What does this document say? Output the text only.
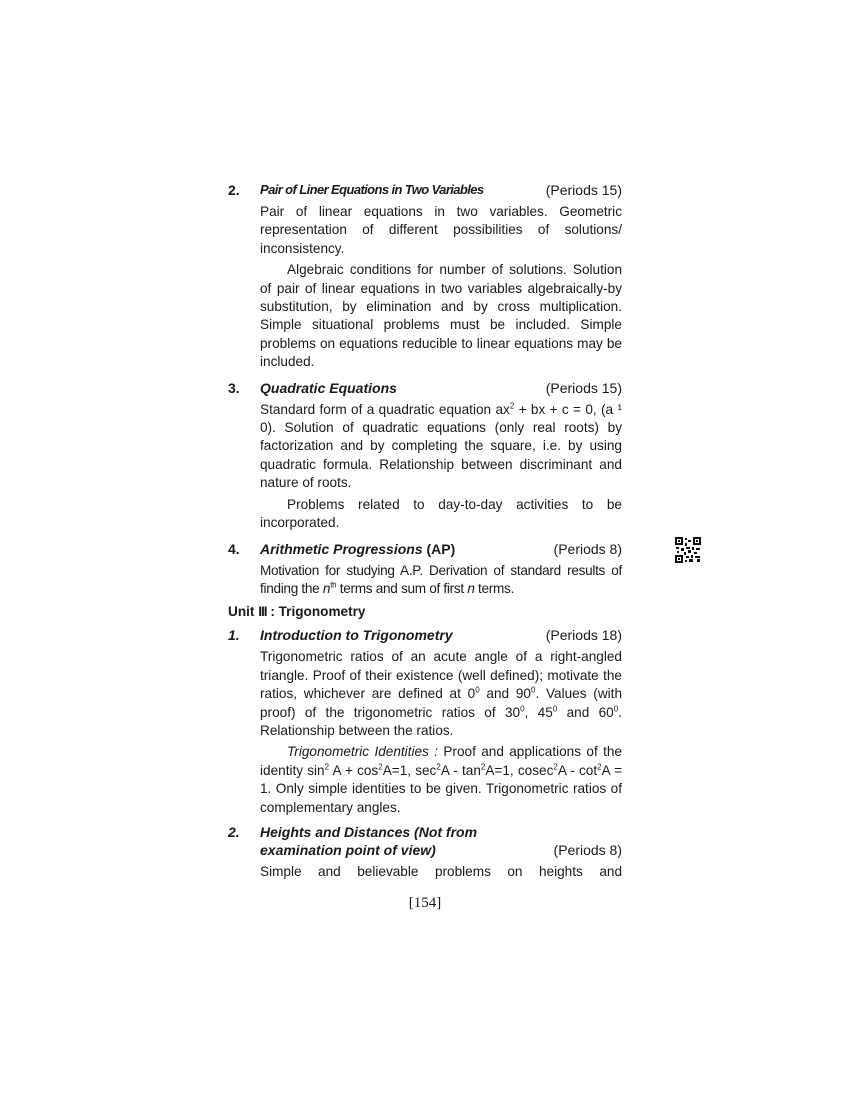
2. Pair of Liner Equations in Two Variables	(Periods 15)

Pair of linear equations in two variables. Geometric representation of different possibilities of solutions/ inconsistency.

Algebraic conditions for number of solutions. Solution of pair of linear equations in two variables algebraically-by substitution, by elimination and by cross multiplication. Simple situational problems must be included. Simple problems on equations reducible to linear equations may be included.

3. Quadratic Equations	(Periods 15)

Standard form of a quadratic equation $ax^2$ + bx + c = 0, (a ¹ 0). Solution of quadratic equations (only real roots) by factorization and by completing the square, i.e. by using quadratic formula. Relationship between discriminant and nature of roots.

Problems related to day-to-day activities to be incorporated.

4. Arithmetic Progressions (AP)	(Periods 8)

Motivation for studying A.P. Derivation of standard results of finding the $n^{th}$ terms and sum of first n terms.

Unit III : Trigonometry
1. Introduction to Trigonometry	(Periods 18)

Trigonometric ratios of an acute angle of a right-angled triangle. Proof of their existence (well defined); motivate the ratios, whichever are defined at $0^0$ and $90^0$. Values (with proof) of the trigonometric ratios of $30^0$, $45^0$ and $60^0$. Relationship between the ratios.

Trigonometric Identities : Proof and applications of the identity $\sin^2 A + \cos^2A=1$, $\sec^2A - \tan^2A=1$, $cosec^2A - \cot^2A = 1$. Only simple identities to be given. Trigonometric ratios of complementary angles.

2. Heights and Distances (Not from examination point of view)	(Periods 8)

Simple and believable problems on heights and

[154]
